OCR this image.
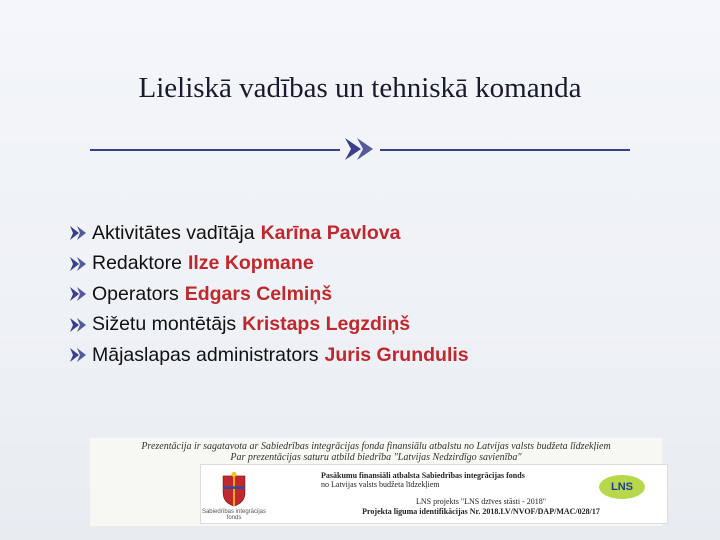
Lieliskā vadības un tehniskā komanda
Aktivitātes vadītāja Karīna Pavlova
Redaktore Ilze Kopmane
Operators Edgars Celmiņš
Sižetu montētājs Kristaps Legzdiņš
Mājaslapas administrators Juris Grundulis
Prezentācija ir sagatavota ar Sabiedrības integrācijas fonda finansiālu atbalstu no Latvijas valsts budžeta līdzekļiem
Par prezentācijas saturu atbild biedrība "Latvijas Nedzirdīgo savienība"
Sabiedrības integrācijas fonds
Pasākumu finansiāli atbalsta Sabiedrības integrācijas fonds
no Latvijas valsts budžeta līdzekļiem	LNS
LNS projekts "LNS dzīves stāsti - 2018"
Projekta līguma identifikācijas Nr. 2018.LV/NVOF/DAP/MAC/028/17
